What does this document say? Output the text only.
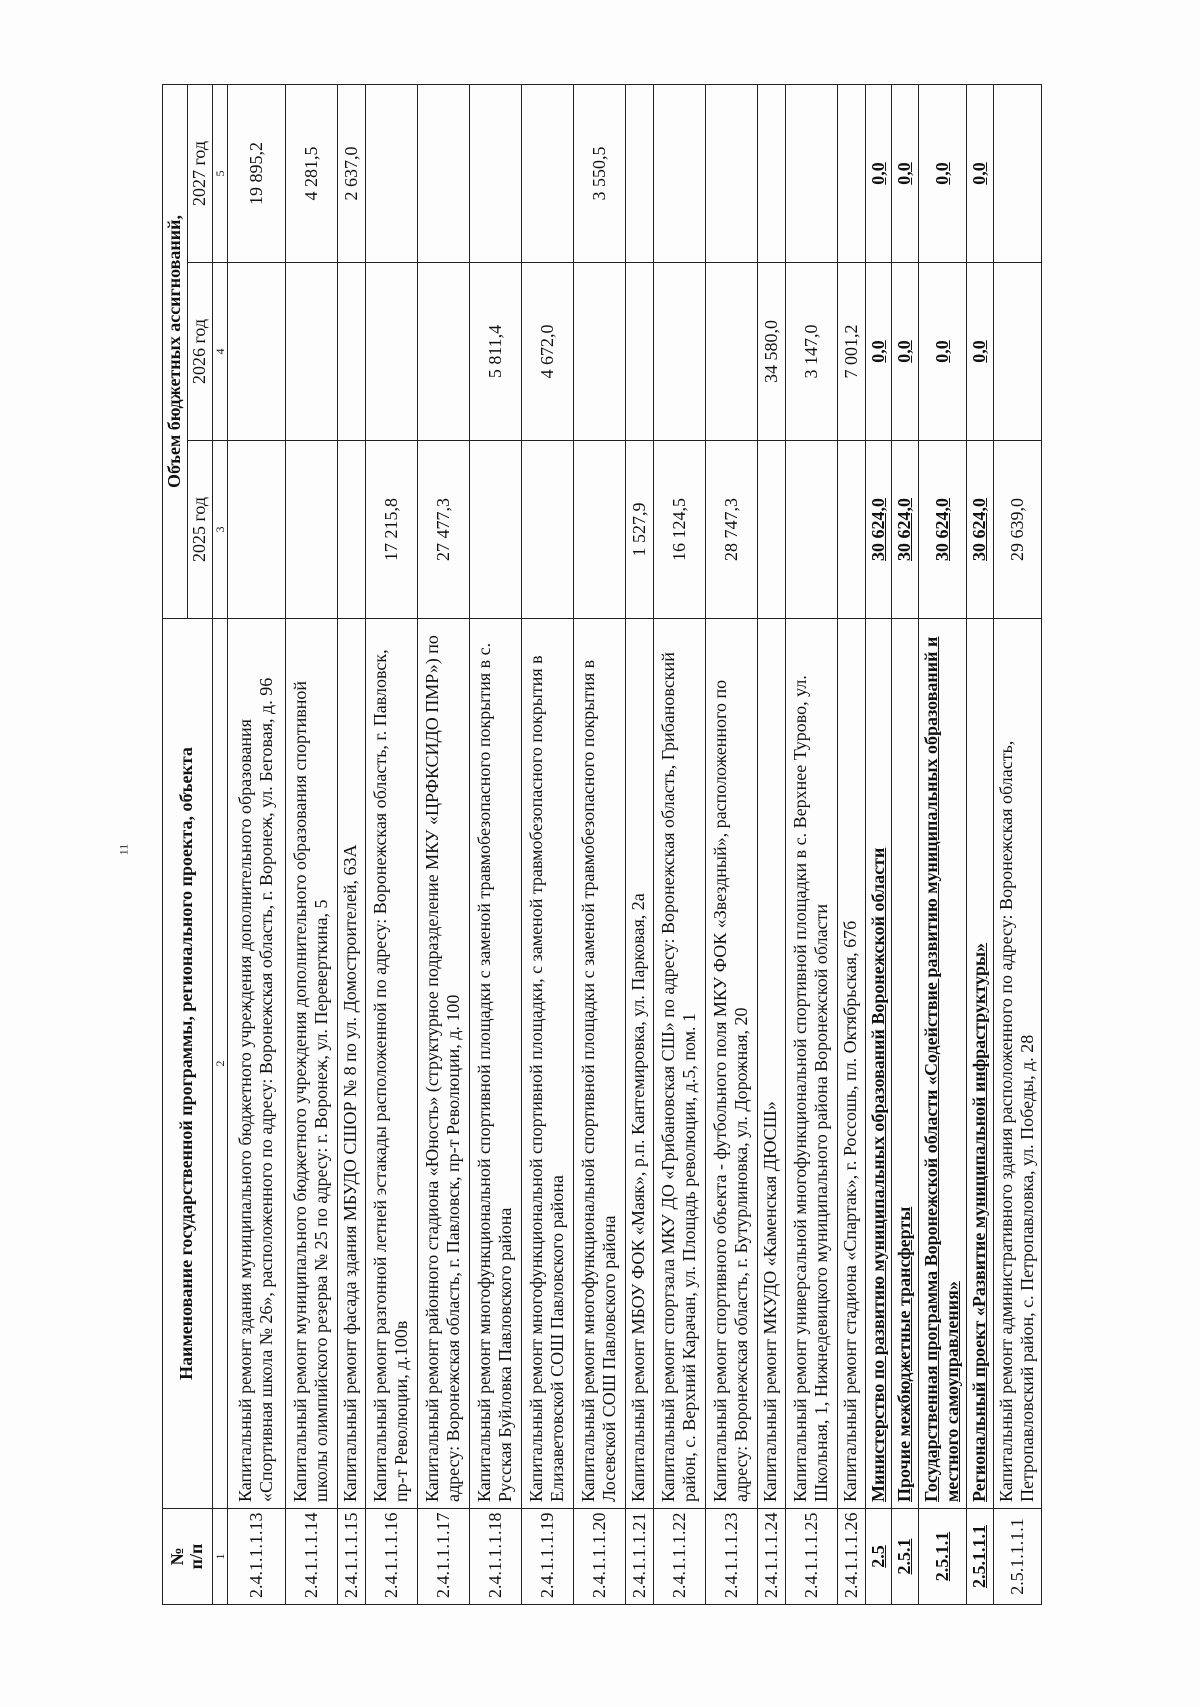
11
№
п/п	Наименование государственной программы, регионального проекта, объекта	Объем бюджетных ассигнований,		
		2025 год	2026 год	2027 год
1	2	3	4	5
2.4.1.1.1.13	Капитальный ремонт здания муниципального бюджетного учреждения дополнительного образования «Спортивная школа № 26», расположенного по адресу: Воронежская область, г. Воронеж, ул. Беговая, д. 96			19 895,2
2.4.1.1.1.14	Капитальный ремонт муниципального бюджетного учреждения дополнительного образования спортивной школы олимпийского резерва № 25 по адресу: г. Воронеж, ул. Переверткина, 5			4 281,5
2.4.1.1.1.15	Капитальный ремонт фасада здания МБУДО СШОР № 8 по ул. Домостроителей, 63А			2 637,0
2.4.1.1.1.16	Капитальный ремонт разгонной летней эстакады расположенной по адресу: Воронежская область, г. Павловск, пр-т Революции, д.100в	17 215,8		
2.4.1.1.1.17	Капитальный ремонт районного стадиона «Юность» (структурное подразделение МКУ «ЦРФКСИДО ПМР») по адресу: Воронежская область, г. Павловск, пр-т Революции, д. 100	27 477,3		
2.4.1.1.1.18	Капитальный ремонт многофункциональной спортивной площадки с заменой травмобезопасного покрытия в с. Русская Буйловка Павловского района		5 811,4	
2.4.1.1.1.19	Капитальный ремонт многофункциональной спортивной площадки, с заменой травмобезопасного покрытия в Елизаветовской СОШ Павловского района		4 672,0	
2.4.1.1.1.20	Капитальный ремонт многофункциональной спортивной площадки с заменой травмобезопасного покрытия в Лосевской СОШ Павловского района			3 550,5
2.4.1.1.1.21	Капитальный ремонт МБОУ ФОК «Маяк», р.п. Кантемировка, ул. Парковая, 2а	1 527,9		
2.4.1.1.1.22	Капитальный ремонт спортзала МКУ ДО «Грибановская СШ» по адресу: Воронежская область, Грибановский район, с. Верхний Карачан, ул. Площадь революции, д.5, пом. 1	16 124,5		
2.4.1.1.1.23	Капитальный ремонт спортивного объекта - футбольного поля МКУ ФОК «Звездный», расположенного по адресу: Воронежская область, г. Бутурлиновка, ул. Дорожная, 20	28 747,3		
2.4.1.1.1.24	Капитальный ремонт МКУДО «Каменская ДЮСШ»		34 580,0	
2.4.1.1.1.25	Капитальный ремонт универсальной многофункциональной спортивной площадки в с. Верхнее Турово, ул. Школьная, 1, Нижнедевицкого муниципального района Воронежской области		3 147,0	
2.4.1.1.1.26	Капитальный ремонт стадиона «Спартак», г. Россошь, пл. Октябрьская, 67б		7 001,2	
2.5	Министерство по развитию муниципальных образований Воронежской области	30 624,0	0,0	0,0
2.5.1	Прочие межбюджетные трансферты	30 624,0	0,0	0,0
2.5.1.1	Государственная программа Воронежской области «Содействие развитию муниципальных образований и местного самоуправления»	30 624,0	0,0	0,0
2.5.1.1.1	Региональный проект «Развитие муниципальной инфраструктуры»	30 624,0	0,0	0,0
2.5.1.1.1.1	Капитальный ремонт административного здания расположенного по адресу: Воронежская область, Петропавловский район, с. Петропавловка, ул. Победы, д. 28	29 639,0		
